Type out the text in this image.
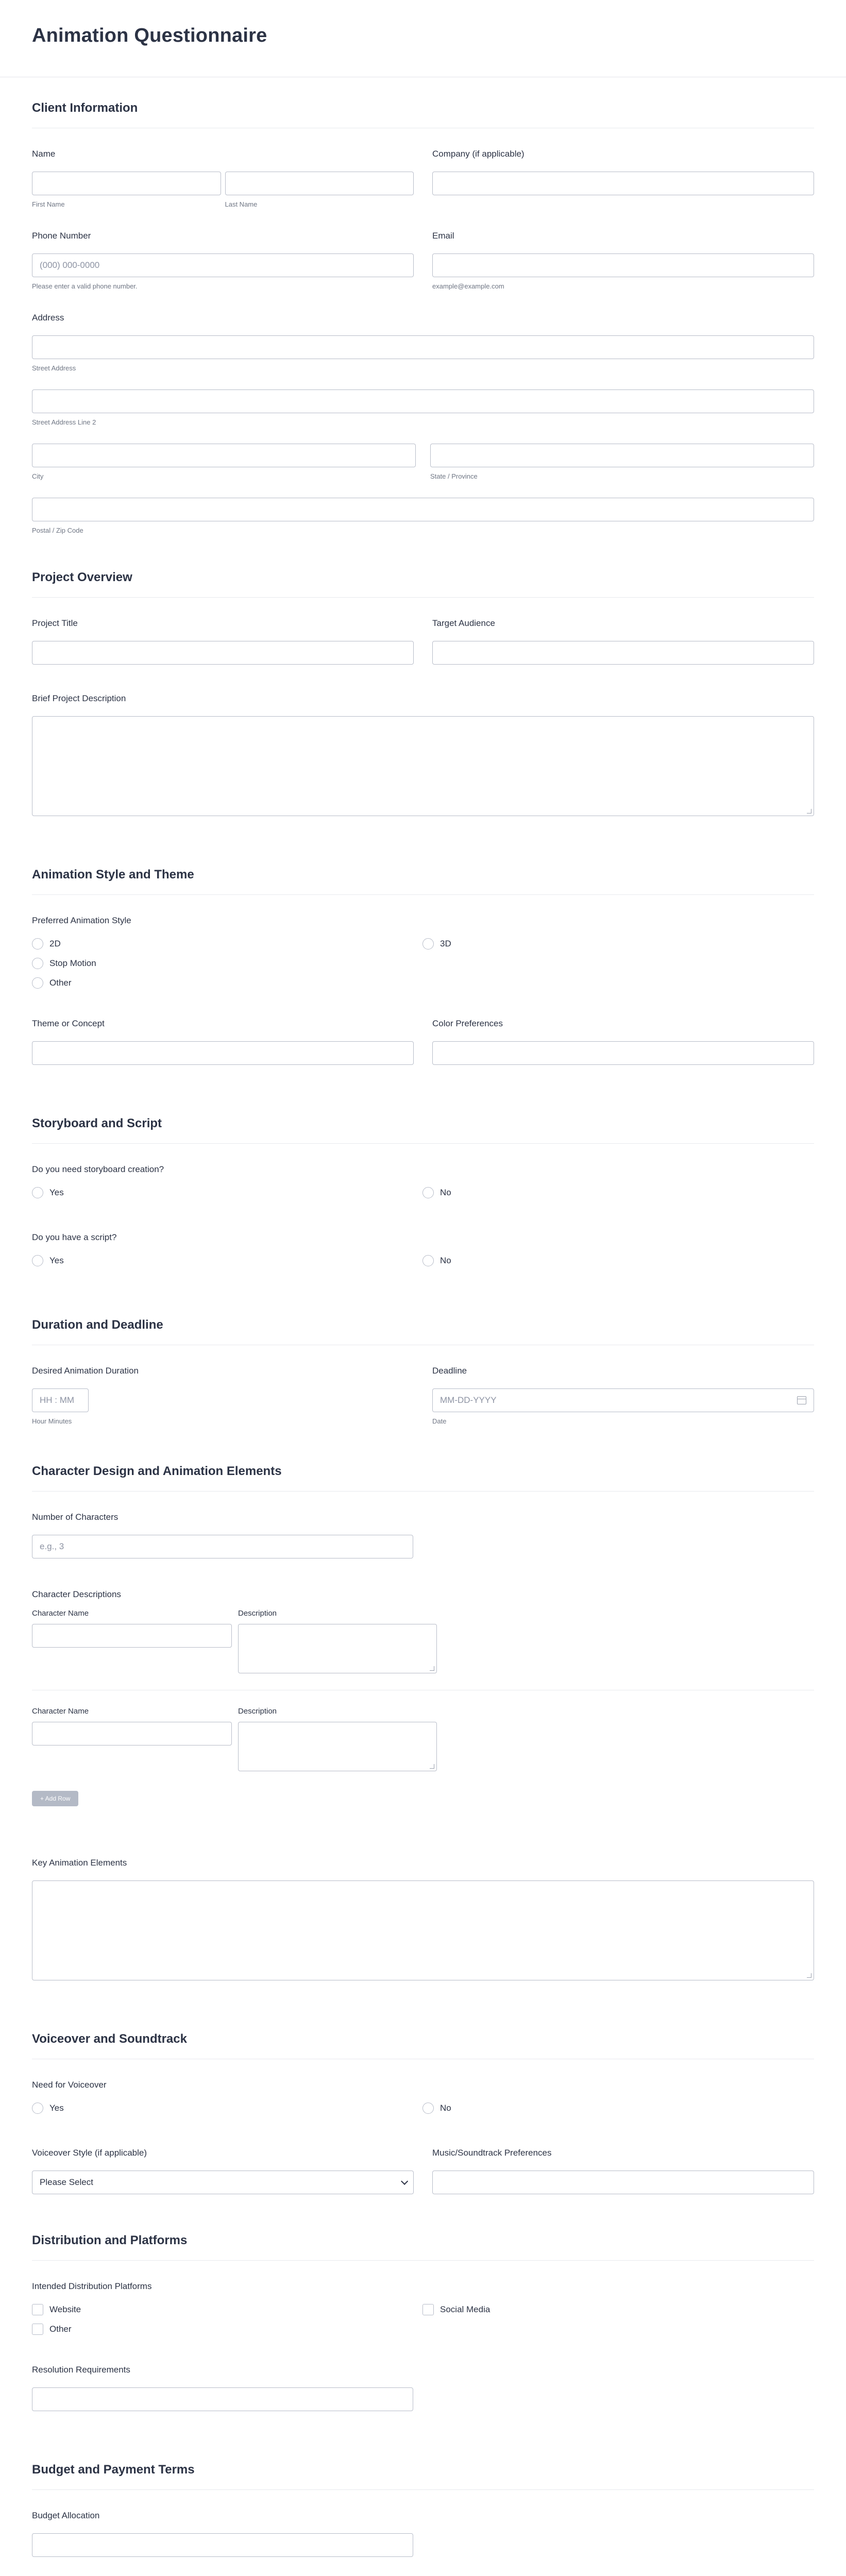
Animation Questionnaire
Client Information
Name
First Name	Last Name
Company (if applicable)
Phone Number
(000) 000-0000
Please enter a valid phone number.
Email
example@example.com
Address
Street Address
Street Address Line 2
City	State / Province
Postal / Zip Code
Project Overview
Project Title	Target Audience
Brief Project Description
Animation Style and Theme
Preferred Animation Style
2D	3D
Stop Motion
Other
Theme or Concept	Color Preferences
Storyboard and Script
Do you need storyboard creation?
Yes	No
Do you have a script?
Yes	No
Duration and Deadline
Desired Animation Duration
HH : MM
Hour Minutes
Deadline
MM-DD-YYYY
Date
Character Design and Animation Elements
Number of Characters
e.g., 3
Character Descriptions
Character Name	Description
Character Name	Description
+ Add Row
Key Animation Elements
Voiceover and Soundtrack
Need for Voiceover
Yes	No
Voiceover Style (if applicable)
Please Select
Music/Soundtrack Preferences
Distribution and Platforms
Intended Distribution Platforms
Website	Social Media
Other
Resolution Requirements
Budget and Payment Terms
Budget Allocation
